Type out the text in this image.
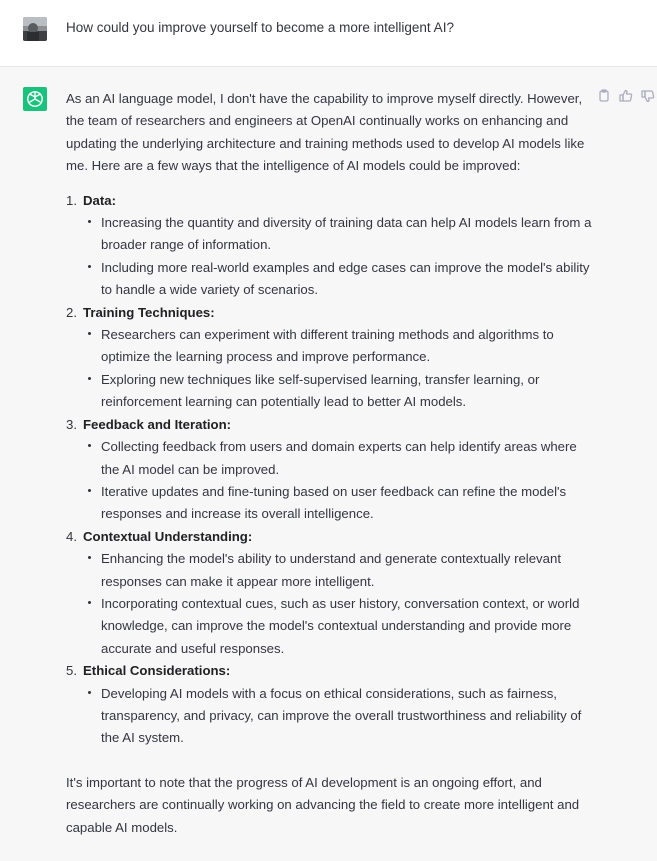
How could you improve yourself to become a more intelligent AI?

As an AI language model, I don't have the capability to improve myself directly. However, the team of researchers and engineers at OpenAI continually works on enhancing and updating the underlying architecture and training methods used to develop AI models like me. Here are a few ways that the intelligence of AI models could be improved:

1. Data:
Increasing the quantity and diversity of training data can help AI models learn from a broader range of information.
Including more real-world examples and edge cases can improve the model's ability to handle a wide variety of scenarios.
2. Training Techniques:
Researchers can experiment with different training methods and algorithms to optimize the learning process and improve performance.
Exploring new techniques like self-supervised learning, transfer learning, or reinforcement learning can potentially lead to better AI models.
3. Feedback and Iteration:
Collecting feedback from users and domain experts can help identify areas where the AI model can be improved.
Iterative updates and fine-tuning based on user feedback can refine the model's responses and increase its overall intelligence.
4. Contextual Understanding:
Enhancing the model's ability to understand and generate contextually relevant responses can make it appear more intelligent.
Incorporating contextual cues, such as user history, conversation context, or world knowledge, can improve the model's contextual understanding and provide more accurate and useful responses.
5. Ethical Considerations:
Developing AI models with a focus on ethical considerations, such as fairness, transparency, and privacy, can improve the overall trustworthiness and reliability of the AI system.

It's important to note that the progress of AI development is an ongoing effort, and researchers are continually working on advancing the field to create more intelligent and capable AI models.
